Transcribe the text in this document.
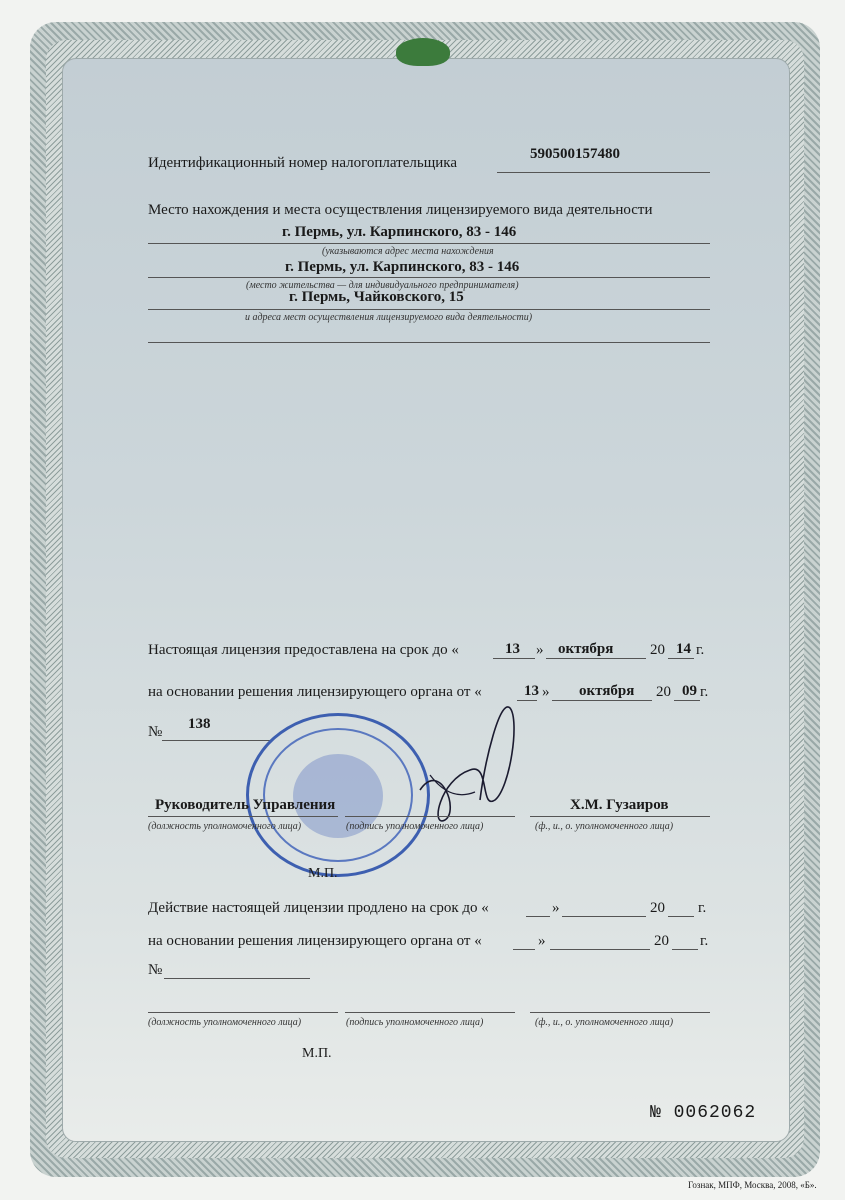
Идентификационный номер налогоплательщика
590500157480
Место нахождения и места осуществления лицензируемого вида деятельности
г. Пермь, ул. Карпинского, 83 - 146
(указываются адрес места нахождения
г. Пермь, ул. Карпинского, 83 - 146
(место жительства — для индивидуального предпринимателя)
г. Пермь, Чайковского, 15
и адреса мест осуществления лицензируемого вида деятельности)
Настоящая лицензия предоставлена на срок до «	13 » октября 20 14 г.
на основании решения лицензирующего органа от «	13 » октября 20 09 г.
№ 138
Руководитель Управления	Х.М. Гузаиров
(должность уполномоченного лица)	(подпись уполномоченного лица)	(ф., и., о. уполномоченного лица)
М.П.
Действие настоящей лицензии продлено на срок до «	»	20 г.
на основании решения лицензирующего органа от «	»	20 г.
№
(должность уполномоченного лица)	(подпись уполномоченного лица)	(ф., и., о. уполномоченного лица)
М.П.
№ 0062062
Гознак, МПФ, Москва, 2008, «Б».
